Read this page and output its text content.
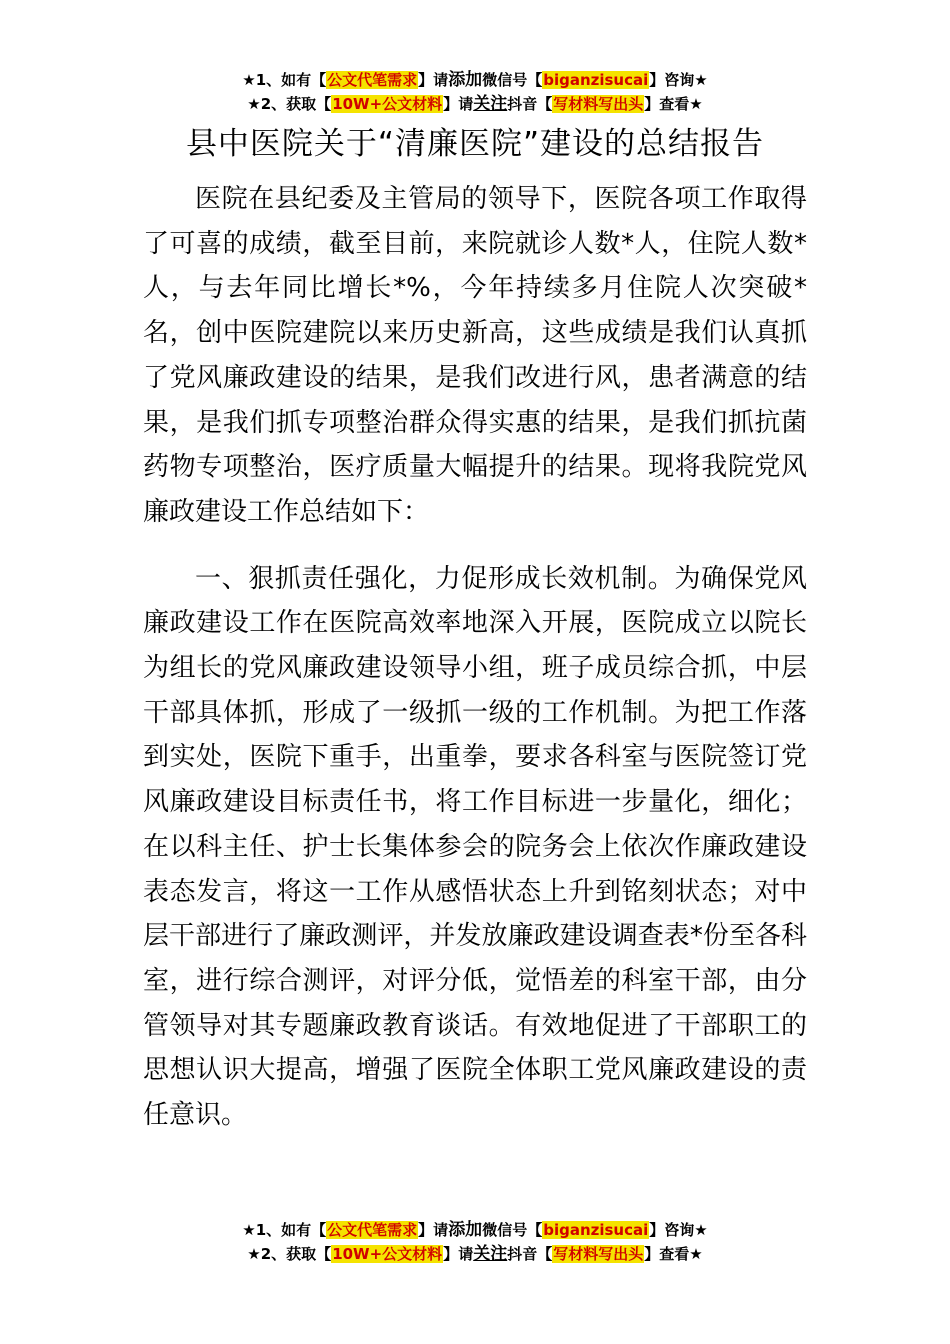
★1、如有【公文代笔需求】请添加微信号【biganzisucai】咨询★
★2、获取【10W+公文材料】请关注抖音【写材料写出头】查看★
县中医院关于“清廉医院”建设的总结报告

医院在县纪委及主管局的领导下，医院各项工作取得了可喜的成绩，截至目前，来院就诊人数*人，住院人数*人，与去年同比增长*%，今年持续多月住院人次突破*名，创中医院建院以来历史新高，这些成绩是我们认真抓了党风廉政建设的结果，是我们改进行风，患者满意的结果，是我们抓专项整治群众得实惠的结果，是我们抓抗菌药物专项整治，医疗质量大幅提升的结果。现将我院党风廉政建设工作总结如下：

一、狠抓责任强化，力促形成长效机制。为确保党风廉政建设工作在医院高效率地深入开展，医院成立以院长为组长的党风廉政建设领导小组，班子成员综合抓，中层干部具体抓，形成了一级抓一级的工作机制。为把工作落到实处，医院下重手，出重拳，要求各科室与医院签订党风廉政建设目标责任书，将工作目标进一步量化，细化；在以科主任、护士长集体参会的院务会上依次作廉政建设表态发言，将这一工作从感悟状态上升到铭刻状态；对中层干部进行了廉政测评，并发放廉政建设调查表*份至各科室，进行综合测评，对评分低，觉悟差的科室干部，由分管领导对其专题廉政教育谈话。有效地促进了干部职工的思想认识大提高，增强了医院全体职工党风廉政建设的责任意识。

★1、如有【公文代笔需求】请添加微信号【biganzisucai】咨询★
★2、获取【10W+公文材料】请关注抖音【写材料写出头】查看★
